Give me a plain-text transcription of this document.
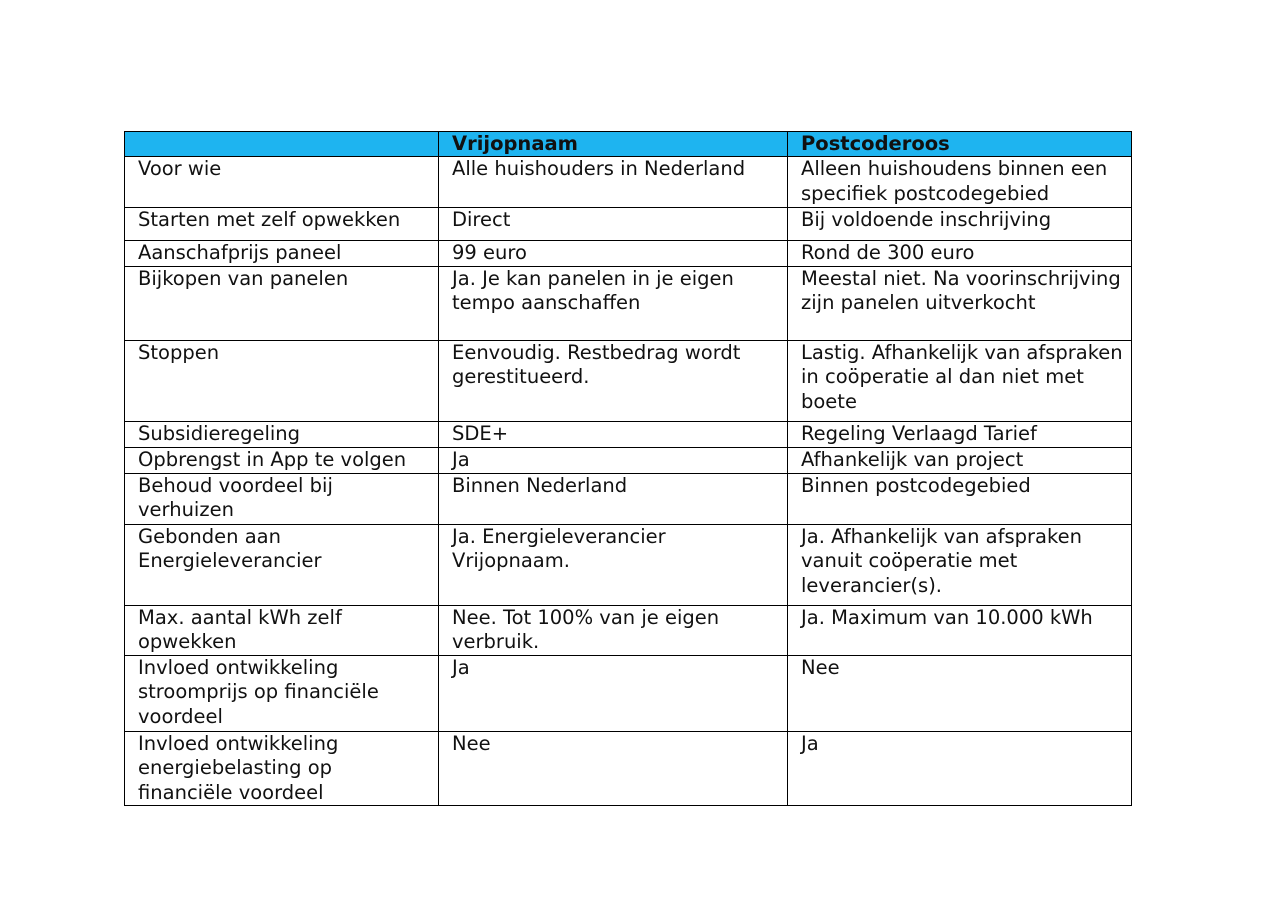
	Vrijopnaam	Postcoderoos
Voor wie	Alle huishouders in Nederland	Alleen huishoudens binnen een specifiek postcodegebied
Starten met zelf opwekken	Direct	Bij voldoende inschrijving
Aanschafprijs paneel	99 euro	Rond de 300 euro
Bijkopen van panelen	Ja. Je kan panelen in je eigen tempo aanschaffen	Meestal niet. Na voorinschrijving zijn panelen uitverkocht
Stoppen	Eenvoudig. Restbedrag wordt gerestitueerd.	Lastig. Afhankelijk van afspraken in coöperatie al dan niet met boete
Subsidieregeling	SDE+	Regeling Verlaagd Tarief
Opbrengst in App te volgen	Ja	Afhankelijk van project
Behoud voordeel bij verhuizen	Binnen Nederland	Binnen postcodegebied
Gebonden aan Energieleverancier	Ja. Energieleverancier Vrijopnaam.	Ja. Afhankelijk van afspraken vanuit coöperatie met leverancier(s).
Max. aantal kWh zelf opwekken	Nee. Tot 100% van je eigen verbruik.	Ja. Maximum van 10.000 kWh
Invloed ontwikkeling stroomprijs op financiële voordeel	Ja	Nee
Invloed ontwikkeling energiebelasting op financiële voordeel	Nee	Ja
